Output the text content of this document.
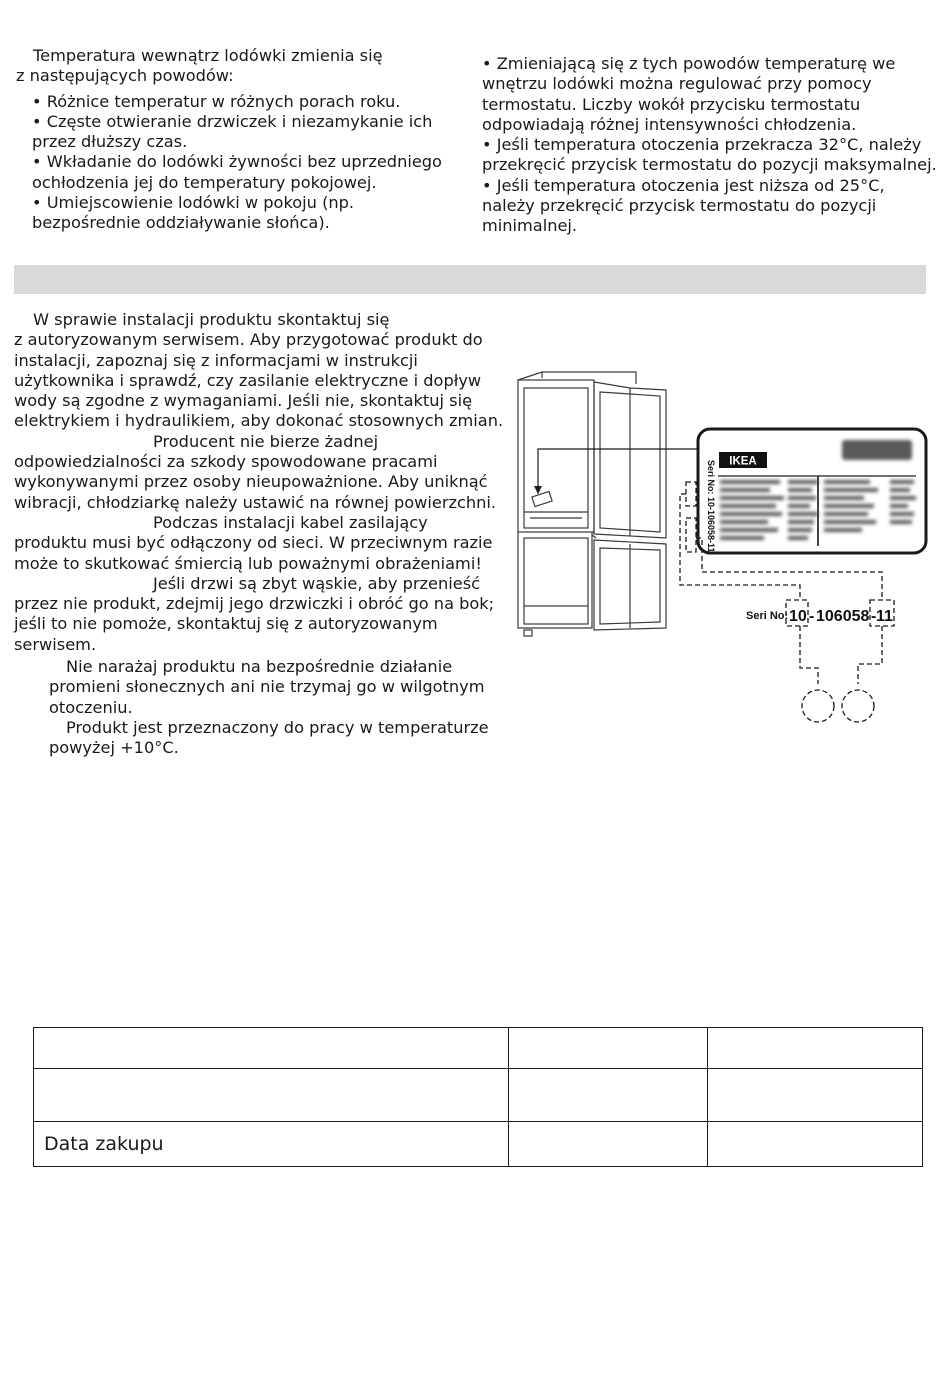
Temperatura wewnątrz lodówki zmienia się
z następujących powodów:
• Różnice temperatur w różnych porach roku.
• Częste otwieranie drzwiczek i niezamykanie ich
przez dłuższy czas.
• Wkładanie do lodówki żywności bez uprzedniego
ochłodzenia jej do temperatury pokojowej.
• Umiejscowienie lodówki w pokoju (np.
bezpośrednie oddziaływanie słońca).
• Zmieniającą się z tych powodów temperaturę we
wnętrzu lodówki można regulować przy pomocy
termostatu. Liczby wokół przycisku termostatu
odpowiadają różnej intensywności chłodzenia.
• Jeśli temperatura otoczenia przekracza 32°C, należy
przekręcić przycisk termostatu do pozycji maksymalnej.
• Jeśli temperatura otoczenia jest niższa od 25°C,
należy przekręcić przycisk termostatu do pozycji
minimalnej.
W sprawie instalacji produktu skontaktuj się
z autoryzowanym serwisem. Aby przygotować produkt do
instalacji, zapoznaj się z informacjami w instrukcji
użytkownika i sprawdź, czy zasilanie elektryczne i dopływ
wody są zgodne z wymaganiami. Jeśli nie, skontaktuj się
elektrykiem i hydraulikiem, aby dokonać stosownych zmian.
Producent nie bierze żadnej
odpowiedzialności za szkody spowodowane pracami
wykonywanymi przez osoby nieupoważnione. Aby uniknąć
wibracji, chłodziarkę należy ustawić na równej powierzchni.
Podczas instalacji kabel zasilający
produktu musi być odłączony od sieci. W przeciwnym razie
może to skutkować śmiercią lub poważnymi obrażeniami!
Jeśli drzwi są zbyt wąskie, aby przenieść
przez nie produkt, zdejmij jego drzwiczki i obróć go na bok;
jeśli to nie pomoże, skontaktuj się z autoryzowanym
serwisem.
Nie narażaj produktu na bezpośrednie działanie
promieni słonecznych ani nie trzymaj go w wilgotnym
otoczeniu.
Produkt jest przeznaczony do pracy w temperaturze
powyżej +10°C.
IKEA
Seri No: 10-106058-11
Seri No: 10 - 106058 - 11

Data zakupu		
